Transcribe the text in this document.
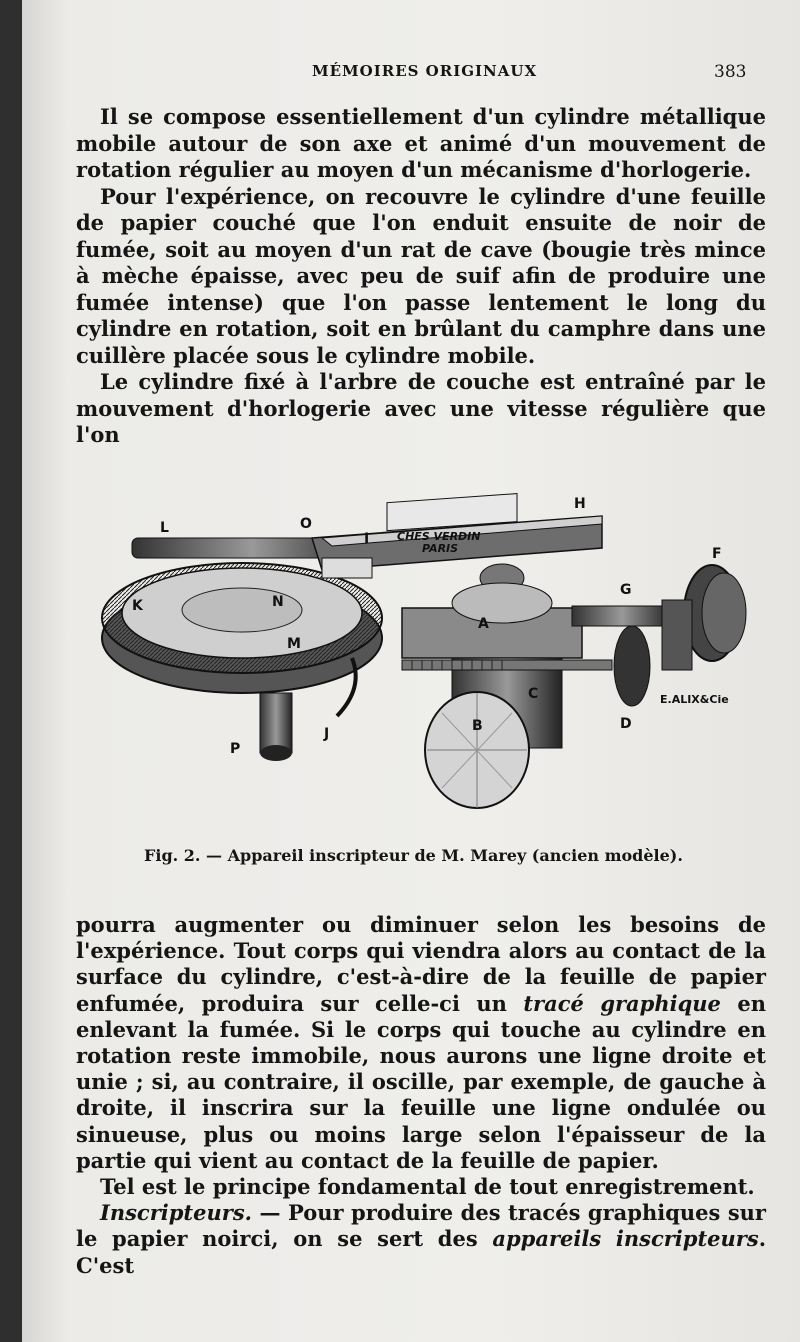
MÉMOIRES ORIGINAUX	383

Il se compose essentiellement d'un cylindre métallique mobile autour de son axe et animé d'un mouvement de rotation régulier au moyen d'un mécanisme d'horlogerie.

Pour l'expérience, on recouvre le cylindre d'une feuille de papier couché que l'on enduit ensuite de noir de fumée, soit au moyen d'un rat de cave (bougie très mince à mèche épaisse, avec peu de suif afin de produire une fumée intense) que l'on passe lentement le long du cylindre en rotation, soit en brûlant du camphre dans une cuillère placée sous le cylindre mobile.

Le cylindre fixé à l'arbre de couche est entraîné par le mouvement d'horlogerie avec une vitesse régulière que l'on

CHES VERDIN
PARIS
H
L	O
I
F
G
K	N
M
A
C
B	D
J
P
E.ALIX&Cie
Fig. 2. — Appareil inscripteur de M. Marey (ancien modèle).

pourra augmenter ou diminuer selon les besoins de l'expérience. Tout corps qui viendra alors au contact de la surface du cylindre, c'est-à-dire de la feuille de papier enfumée, produira sur celle-ci un tracé graphique en enlevant la fumée. Si le corps qui touche au cylindre en rotation reste immobile, nous aurons une ligne droite et unie ; si, au contraire, il oscille, par exemple, de gauche à droite, il inscrira sur la feuille une ligne ondulée ou sinueuse, plus ou moins large selon l'épaisseur de la partie qui vient au contact de la feuille de papier.

Tel est le principe fondamental de tout enregistrement.

Inscripteurs. — Pour produire des tracés graphiques sur le papier noirci, on se sert des appareils inscripteurs. C'est
